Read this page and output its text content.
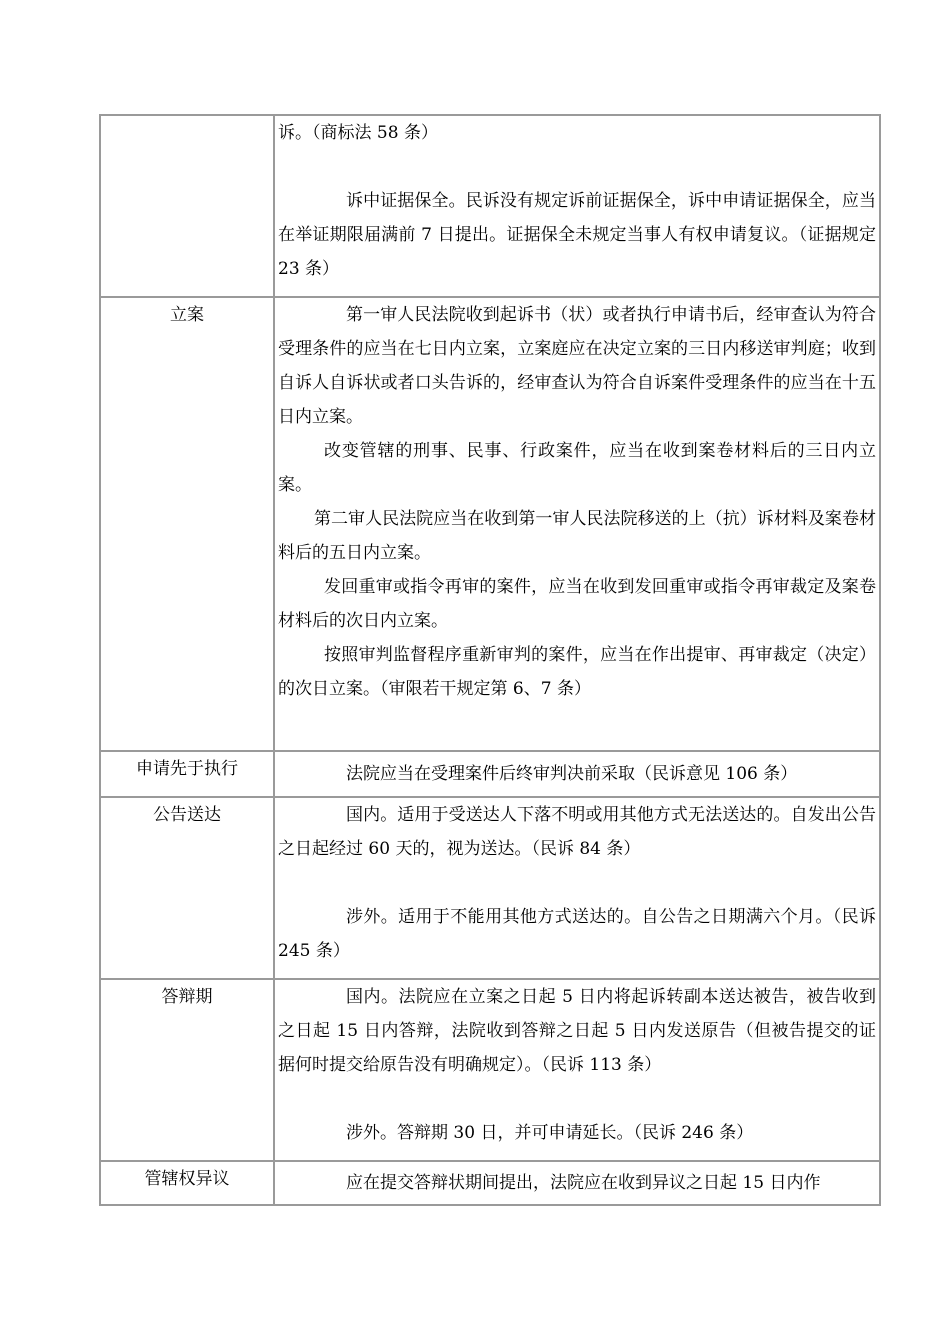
	诉。（商标法 58 条）

诉中证据保全。民诉没有规定诉前证据保全，诉中申请证据保全，应当在举证期限届满前 7 日提出。证据保全未规定当事人有权申请复议。（证据规定 23 条）

立案	第一审人民法院收到起诉书（状）或者执行申请书后，经审查认为符合受理条件的应当在七日内立案，立案庭应在决定立案的三日内移送审判庭；收到自诉人自诉状或者口头告诉的，经审查认为符合自诉案件受理条件的应当在十五日内立案。

改变管辖的刑事、民事、行政案件，应当在收到案卷材料后的三日内立案。

第二审人民法院应当在收到第一审人民法院移送的上（抗）诉材料及案卷材料后的五日内立案。

发回重审或指令再审的案件，应当在收到发回重审或指令再审裁定及案卷材料后的次日内立案。

按照审判监督程序重新审判的案件，应当在作出提审、再审裁定（决定）的次日立案。（审限若干规定第 6、7 条）

申请先于执行	法院应当在受理案件后终审判决前采取（民诉意见 106 条）

公告送达	国内。适用于受送达人下落不明或用其他方式无法送达的。自发出公告之日起经过 60 天的，视为送达。（民诉 84 条）

涉外。适用于不能用其他方式送达的。自公告之日期满六个月。（民诉 245 条）

答辩期	国内。法院应在立案之日起 5 日内将起诉转副本送达被告，被告收到之日起 15 日内答辩，法院收到答辩之日起 5 日内发送原告（但被告提交的证据何时提交给原告没有明确规定）。（民诉 113 条）

涉外。答辩期 30 日，并可申请延长。（民诉 246 条）

管辖权异议	应在提交答辩状期间提出，法院应在收到异议之日起 15 日内作
